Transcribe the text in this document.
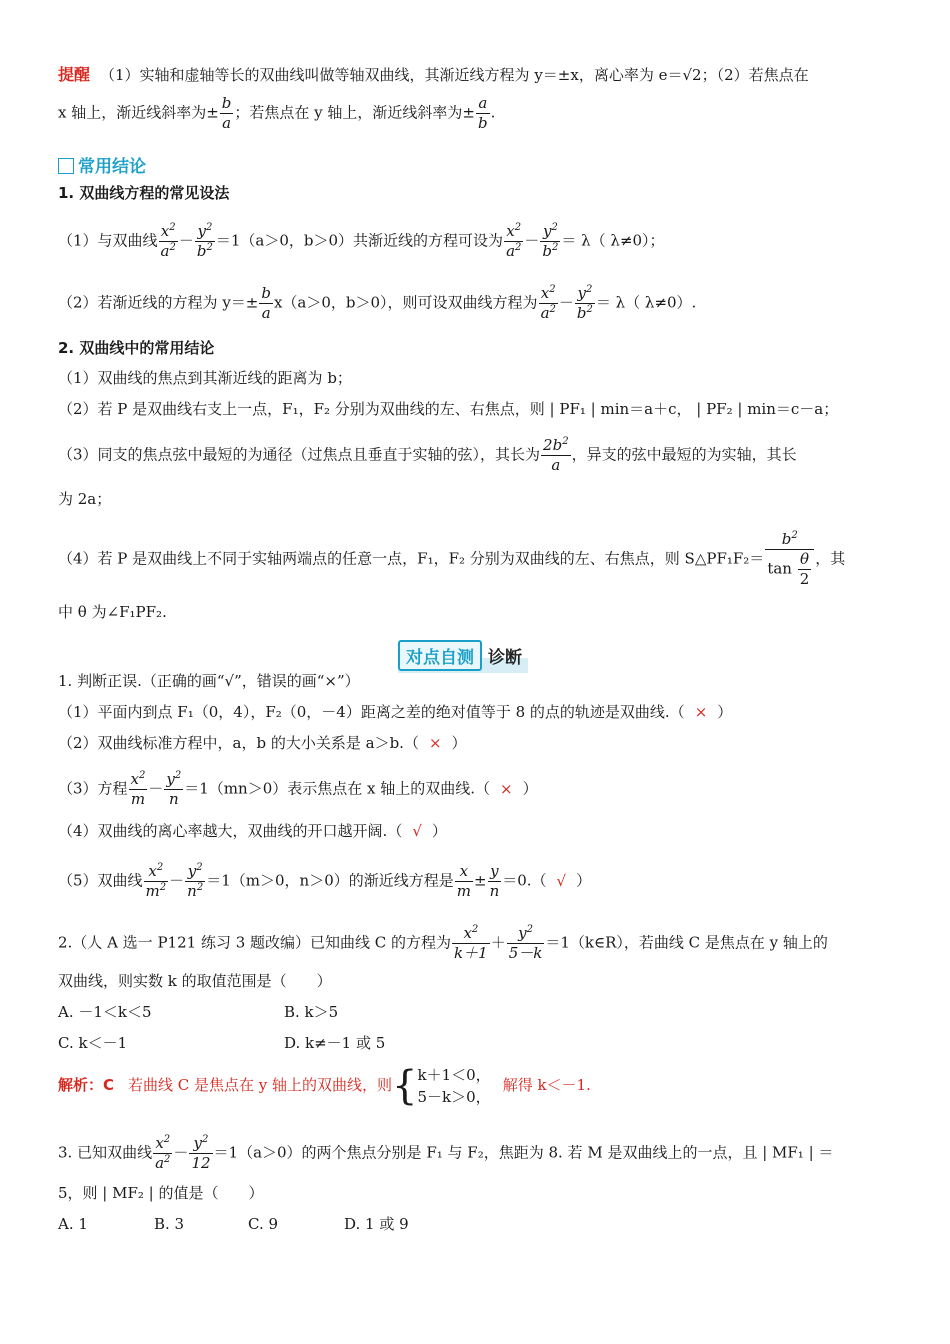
提醒 （1）实轴和虚轴等长的双曲线叫做等轴双曲线，其渐近线方程为 y＝±x，离心率为 e＝√2；（2）若焦点在
x 轴上，渐近线斜率为± $\frac{b}{a}$ ；若焦点在 y 轴上，渐近线斜率为± $\frac{a}{b}$ .
常用结论
1. 双曲线方程的常见设法
（1）与双曲线 $\frac{x^2}{a^2} - \frac{y^2}{b^2} =1(a>0$，b＞0）共渐近线的方程可设为 $\frac{x^2}{a^2} - \frac{y^2}{b^2} = \lambda$（ λ≠0）；
（2）若渐近线的方程为 $y=\pm \frac{b}{a} x(a>0$，b＞0），则可设双曲线方程为 $\frac{x^2}{a^2} - \frac{y^2}{b^2} = \lambda$（ λ≠0）.
2. 双曲线中的常用结论
（1）双曲线的焦点到其渐近线的距离为 b；
（2）若 P 是双曲线右支上一点，F₁，F₂ 分别为双曲线的左、右焦点，则 | PF₁ | min＝a＋c， | PF₂ | min＝c－a；
（3）同支的焦点弦中最短的为通径（过焦点且垂直于实轴的弦），其长为 $\frac{2b^2}{a}$ ，异支的弦中最短的为实轴，其长
为 2a；
（4）若 P 是双曲线上不同于实轴两端点的任意一点，F₁，F₂ 分别为双曲线的左、右焦点，则 S△PF₁F₂＝ $\frac{b^2}{\tan \frac{\theta}{2}}$ ，其
中 θ 为∠F₁PF₂.
对点自测 诊断
1. 判断正误.（正确的画“√”，错误的画“×”）
（1）平面内到点 F₁（0，4），F₂（0，－4）距离之差的绝对值等于 8 的点的轨迹是双曲线.（ × ）
（2）双曲线标准方程中，a，b 的大小关系是 a＞b.（ × ）
（3）方程 $\frac{x^2}{m} - \frac{y^2}{n} =1(mn>0)$表示焦点在 x 轴上的双曲线.（ × ）
（4）双曲线的离心率越大，双曲线的开口越开阔.（ √ ）
（5）双曲线 $\frac{x^2}{m^2} - \frac{y^2}{n^2} =1(m>0$，n＞0）的渐近线方程是 $\frac{x}{m} \pm \frac{y}{n} =0$.（ √ ）
2.（人 A 选一 P121 练习 3 题改编）已知曲线 C 的方程为 $\frac{x^2}{k+1} + \frac{y^2}{5-k}$ ＝1（k∈R），若曲线 C 是焦点在 y 轴上的
双曲线，则实数 k 的取值范围是（　　）
A. －1＜k＜5	B. k＞5
C. k＜－1	D. k≠－1 或 5
解析：C 若曲线 C 是焦点在 y 轴上的双曲线，则{ k＋1＜0，
5－k＞0，
解得 k＜－1.
3. 已知双曲线 $\frac{x^2}{a^2} - \frac{y^2}{12} =1(a>0)$的两个焦点分别是 F₁ 与 F₂，焦距为 8. 若 M 是双曲线上的一点，且 | MF₁ | ＝
5，则 | MF₂ | 的值是（　　）
A. 1	B. 3	C. 9	D. 1 或 9
